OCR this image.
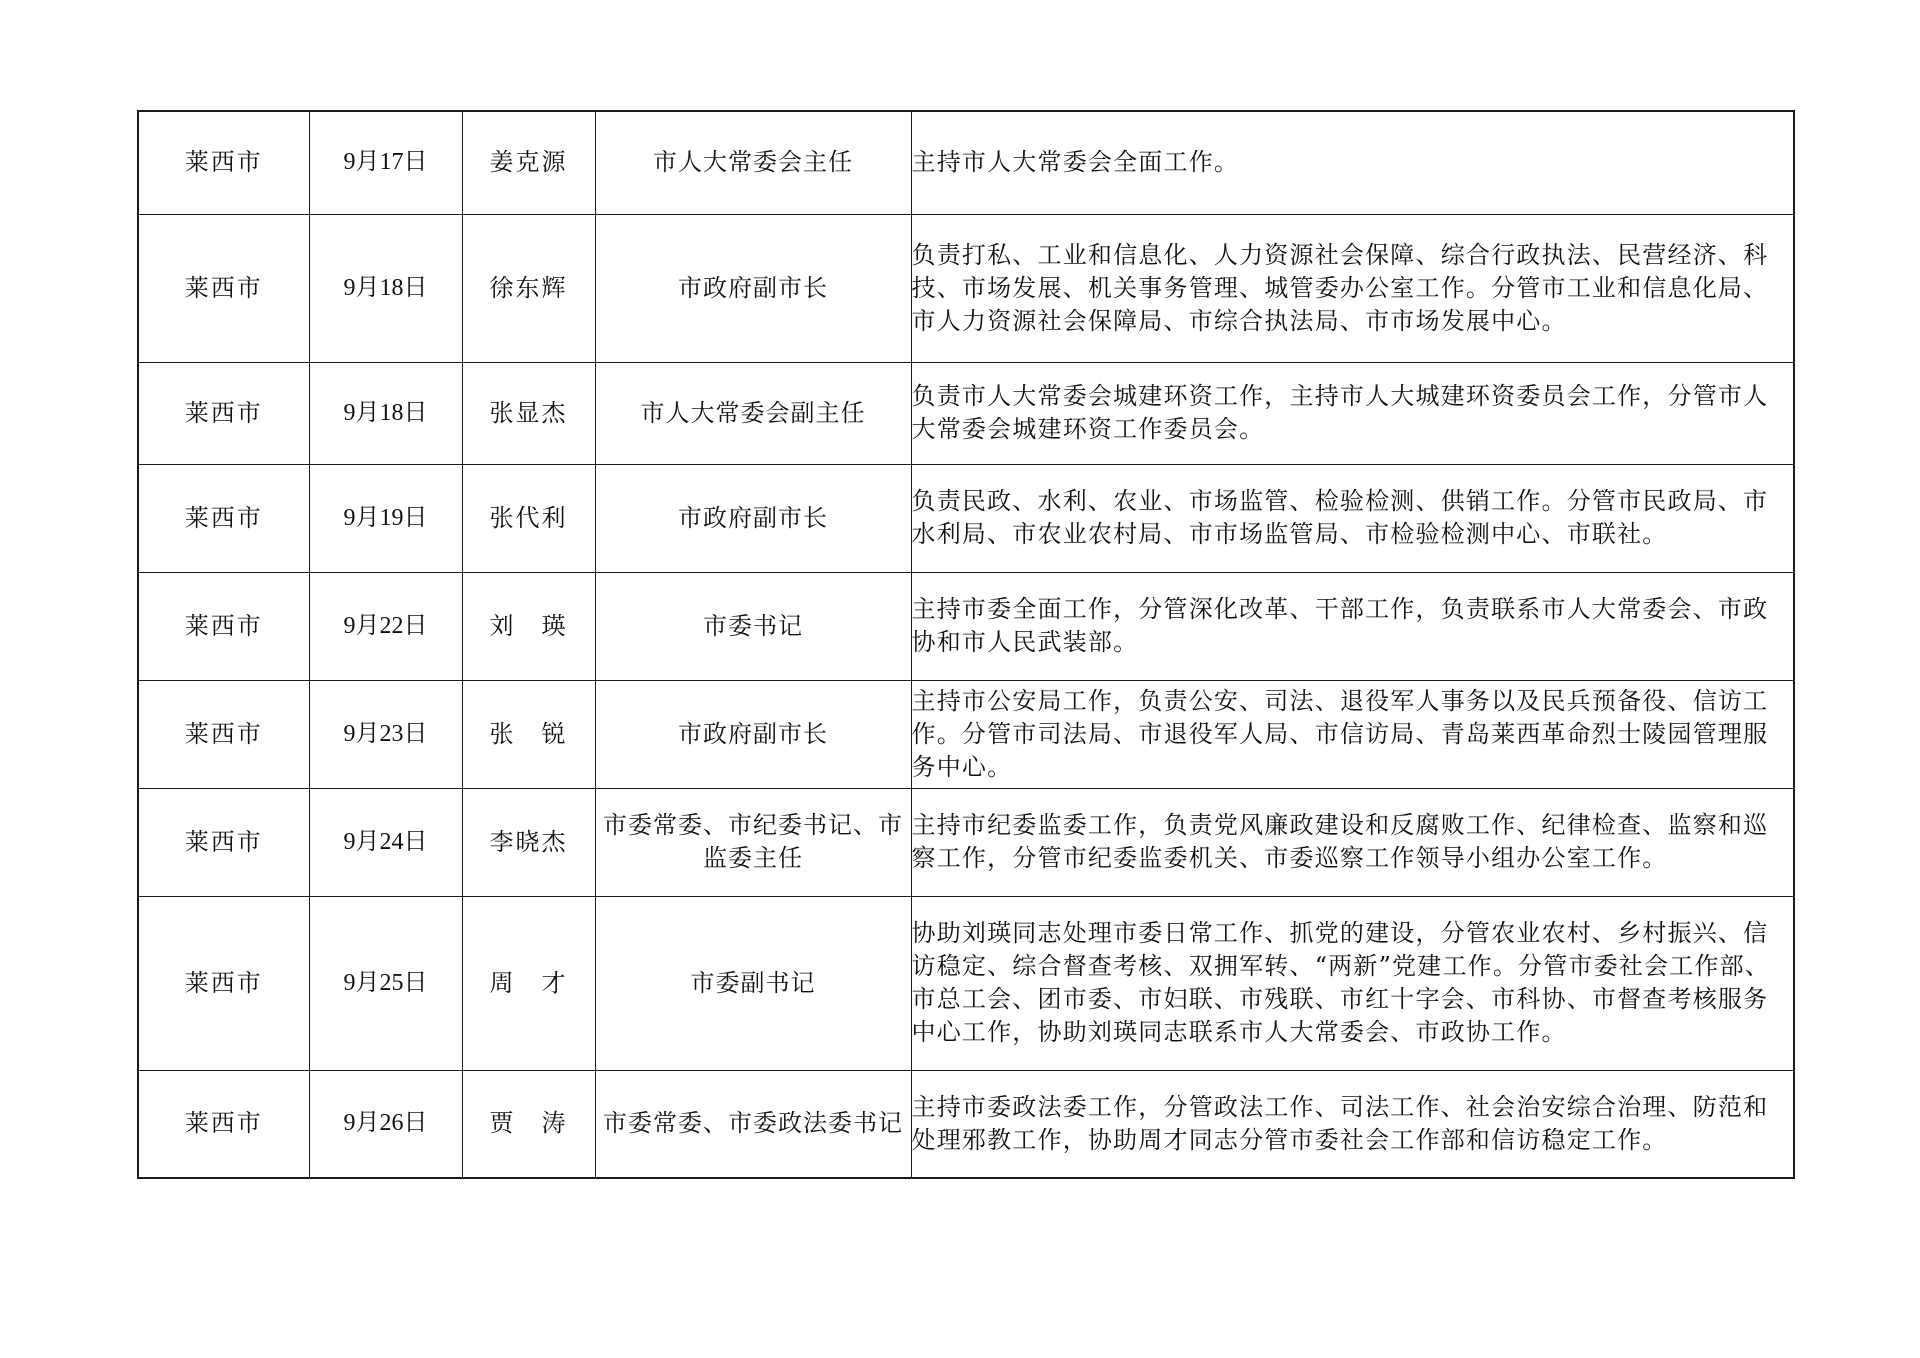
莱西市	9月17日	姜克源	市人大常委会主任	主持市人大常委会全面工作。
莱西市	9月18日	徐东辉	市政府副市长	负责打私、工业和信息化、人力资源社会保障、综合行政执法、民营经济、科技、市场发展、机关事务管理、城管委办公室工作。分管市工业和信息化局、市人力资源社会保障局、市综合执法局、市市场发展中心。
莱西市	9月18日	张显杰	市人大常委会副主任	负责市人大常委会城建环资工作，主持市人大城建环资委员会工作，分管市人大常委会城建环资工作委员会。
莱西市	9月19日	张代利	市政府副市长	负责民政、水利、农业、市场监管、检验检测、供销工作。分管市民政局、市水利局、市农业农村局、市市场监管局、市检验检测中心、市联社。
莱西市	9月22日	刘　瑛	市委书记	主持市委全面工作，分管深化改革、干部工作，负责联系市人大常委会、市政协和市人民武装部。
莱西市	9月23日	张　锐	市政府副市长	主持市公安局工作，负责公安、司法、退役军人事务以及民兵预备役、信访工作。分管市司法局、市退役军人局、市信访局、青岛莱西革命烈士陵园管理服务中心。
莱西市	9月24日	李晓杰	市委常委、市纪委书记、市监委主任	主持市纪委监委工作，负责党风廉政建设和反腐败工作、纪律检查、监察和巡察工作，分管市纪委监委机关、市委巡察工作领导小组办公室工作。
莱西市	9月25日	周　才	市委副书记	协助刘瑛同志处理市委日常工作、抓党的建设，分管农业农村、乡村振兴、信访稳定、综合督查考核、双拥军转、“两新”党建工作。分管市委社会工作部、市总工会、团市委、市妇联、市残联、市红十字会、市科协、市督查考核服务中心工作，协助刘瑛同志联系市人大常委会、市政协工作。
莱西市	9月26日	贾　涛	市委常委、市委政法委书记	主持市委政法委工作，分管政法工作、司法工作、社会治安综合治理、防范和处理邪教工作，协助周才同志分管市委社会工作部和信访稳定工作。
